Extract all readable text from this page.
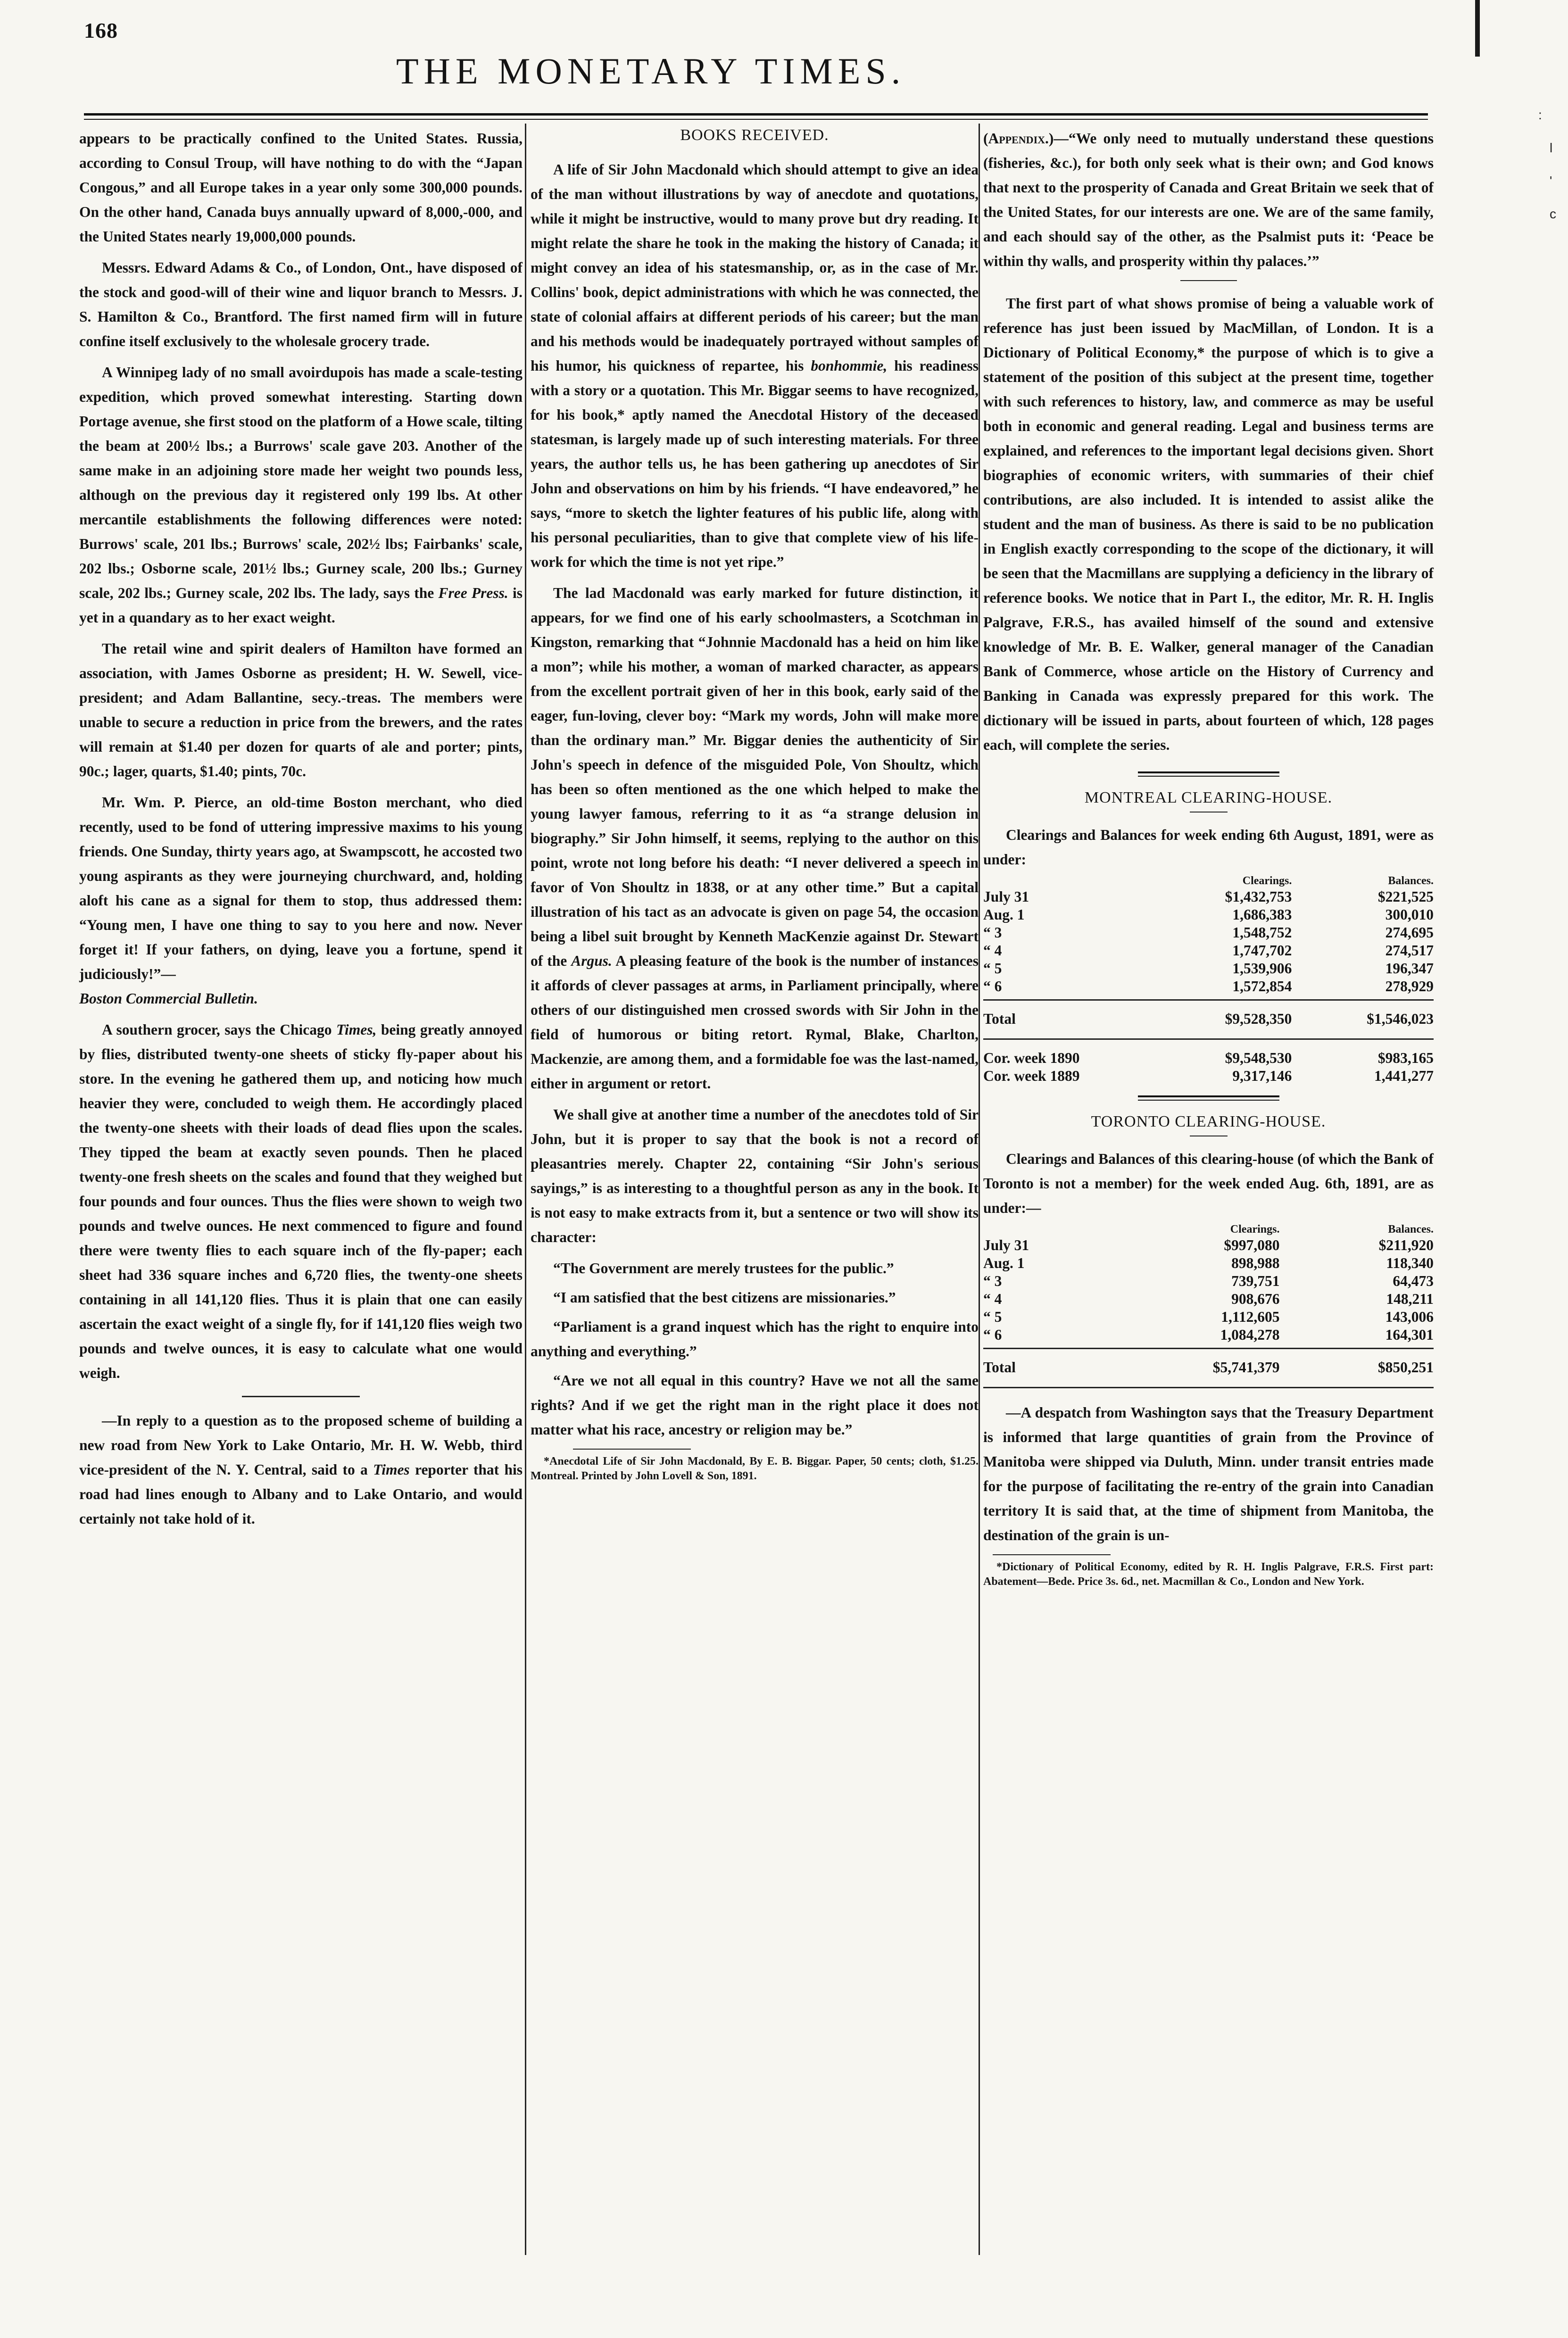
168
THE MONETARY TIMES.
:
l
'
c

appears to be practically confined to the United States. Russia, according to Consul Troup, will have nothing to do with the “Japan Congous,” and all Europe takes in a year only some 300,000 pounds. On the other hand, Canada buys annually upward of 8,000,-000, and the United States nearly 19,000,000 pounds.

Messrs. Edward Adams & Co., of London, Ont., have disposed of the stock and good-will of their wine and liquor branch to Messrs. J. S. Hamilton & Co., Brantford. The first named firm will in future confine itself exclusively to the wholesale grocery trade.

A Winnipeg lady of no small avoirdupois has made a scale-testing expedition, which proved somewhat interesting. Starting down Portage avenue, she first stood on the platform of a Howe scale, tilting the beam at 200½ lbs.; a Burrows' scale gave 203. Another of the same make in an adjoining store made her weight two pounds less, although on the previous day it registered only 199 lbs. At other mercantile establishments the following differences were noted: Burrows' scale, 201 lbs.; Burrows' scale, 202½ lbs; Fairbanks' scale, 202 lbs.; Osborne scale, 201½ lbs.; Gurney scale, 200 lbs.; Gurney scale, 202 lbs.; Gurney scale, 202 lbs. The lady, says the Free Press. is yet in a quandary as to her exact weight.

The retail wine and spirit dealers of Hamilton have formed an association, with James Osborne as president; H. W. Sewell, vice-president; and Adam Ballantine, secy.-treas. The members were unable to secure a reduction in price from the brewers, and the rates will remain at $1.40 per dozen for quarts of ale and porter; pints, 90c.; lager, quarts, $1.40; pints, 70c.

Mr. Wm. P. Pierce, an old-time Boston merchant, who died recently, used to be fond of uttering impressive maxims to his young friends. One Sunday, thirty years ago, at Swampscott, he accosted two young aspirants as they were journeying churchward, and, holding aloft his cane as a signal for them to stop, thus addressed them: “Young men, I have one thing to say to you here and now. Never forget it! If your fathers, on dying, leave you a fortune, spend it judiciously!”—
Boston Commercial Bulletin.

A southern grocer, says the Chicago Times, being greatly annoyed by flies, distributed twenty-one sheets of sticky fly-paper about his store. In the evening he gathered them up, and noticing how much heavier they were, concluded to weigh them. He accordingly placed the twenty-one sheets with their loads of dead flies upon the scales. They tipped the beam at exactly seven pounds. Then he placed twenty-one fresh sheets on the scales and found that they weighed but four pounds and four ounces. Thus the flies were shown to weigh two pounds and twelve ounces. He next commenced to figure and found there were twenty flies to each square inch of the fly-paper; each sheet had 336 square inches and 6,720 flies, the twenty-one sheets containing in all 141,120 flies. Thus it is plain that one can easily ascertain the exact weight of a single fly, for if 141,120 flies weigh two pounds and twelve ounces, it is easy to calculate what one would weigh.

—In reply to a question as to the proposed scheme of building a new road from New York to Lake Ontario, Mr. H. W. Webb, third vice-president of the N. Y. Central, said to a Times reporter that his road had lines enough to Albany and to Lake Ontario, and would certainly not take hold of it.

BOOKS RECEIVED.

A life of Sir John Macdonald which should attempt to give an idea of the man without illustrations by way of anecdote and quotations, while it might be instructive, would to many prove but dry reading. It might relate the share he took in the making the history of Canada; it might convey an idea of his statesmanship, or, as in the case of Mr. Collins' book, depict administrations with which he was connected, the state of colonial affairs at different periods of his career; but the man and his methods would be inadequately portrayed without samples of his humor, his quickness of repartee, his bonhommie, his readiness with a story or a quotation. This Mr. Biggar seems to have recognized, for his book,* aptly named the Anecdotal History of the deceased statesman, is largely made up of such interesting materials. For three years, the author tells us, he has been gathering up anecdotes of Sir John and observations on him by his friends. “I have endeavored,” he says, “more to sketch the lighter features of his public life, along with his personal peculiarities, than to give that complete view of his life-work for which the time is not yet ripe.”

The lad Macdonald was early marked for future distinction, it appears, for we find one of his early schoolmasters, a Scotchman in Kingston, remarking that “Johnnie Macdonald has a heid on him like a mon”; while his mother, a woman of marked character, as appears from the excellent portrait given of her in this book, early said of the eager, fun-loving, clever boy: “Mark my words, John will make more than the ordinary man.” Mr. Biggar denies the authenticity of Sir John's speech in defence of the misguided Pole, Von Shoultz, which has been so often mentioned as the one which helped to make the young lawyer famous, referring to it as “a strange delusion in biography.” Sir John himself, it seems, replying to the author on this point, wrote not long before his death: “I never delivered a speech in favor of Von Shoultz in 1838, or at any other time.” But a capital illustration of his tact as an advocate is given on page 54, the occasion being a libel suit brought by Kenneth MacKenzie against Dr. Stewart of the Argus. A pleasing feature of the book is the number of instances it affords of clever passages at arms, in Parliament principally, where others of our distinguished men crossed swords with Sir John in the field of humorous or biting retort. Rymal, Blake, Charlton, Mackenzie, are among them, and a formidable foe was the last-named, either in argument or retort.

We shall give at another time a number of the anecdotes told of Sir John, but it is proper to say that the book is not a record of pleasantries merely. Chapter 22, containing “Sir John's serious sayings,” is as interesting to a thoughtful person as any in the book. It is not easy to make extracts from it, but a sentence or two will show its character:

“The Government are merely trustees for the public.”

“I am satisfied that the best citizens are missionaries.”

“Parliament is a grand inquest which has the right to enquire into anything and everything.”

“Are we not all equal in this country? Have we not all the same rights? And if we get the right man in the right place it does not matter what his race, ancestry or religion may be.”

*Anecdotal Life of Sir John Macdonald, By E. B. Biggar. Paper, 50 cents; cloth, $1.25. Montreal. Printed by John Lovell & Son, 1891.

(Appendix.)—“We only need to mutually understand these questions (fisheries, &c.), for both only seek what is their own; and God knows that next to the prosperity of Canada and Great Britain we seek that of the United States, for our interests are one. We are of the same family, and each should say of the other, as the Psalmist puts it: ‘Peace be within thy walls, and prosperity within thy palaces.’”

The first part of what shows promise of being a valuable work of reference has just been issued by MacMillan, of London. It is a Dictionary of Political Economy,* the purpose of which is to give a statement of the position of this subject at the present time, together with such references to history, law, and commerce as may be useful both in economic and general reading. Legal and business terms are explained, and references to the important legal decisions given. Short biographies of economic writers, with summaries of their chief contributions, are also included. It is intended to assist alike the student and the man of business. As there is said to be no publication in English exactly corresponding to the scope of the dictionary, it will be seen that the Macmillans are supplying a deficiency in the library of reference books. We notice that in Part I., the editor, Mr. R. H. Inglis Palgrave, F.R.S., has availed himself of the sound and extensive knowledge of Mr. B. E. Walker, general manager of the Canadian Bank of Commerce, whose article on the History of Currency and Banking in Canada was expressly prepared for this work. The dictionary will be issued in parts, about fourteen of which, 128 pages each, will complete the series.

MONTREAL CLEARING-HOUSE.

Clearings and Balances for week ending 6th August, 1891, were as under:

	Clearings.	Balances.
July 31	$1,432,753	$221,525
Aug. 1	1,686,383	300,010
“ 3	1,548,752	274,695
“ 4	1,747,702	274,517
“ 5	1,539,906	196,347
“ 6	1,572,854	278,929
Total	$9,528,350	$1,546,023
Cor. week 1890	$9,548,530	$983,165
Cor. week 1889	9,317,146	1,441,277
TORONTO CLEARING-HOUSE.

Clearings and Balances of this clearing-house (of which the Bank of Toronto is not a member) for the week ended Aug. 6th, 1891, are as under:—

	Clearings.	Balances.
July 31	$997,080	$211,920
Aug. 1	898,988	118,340
“ 3	739,751	64,473
“ 4	908,676	148,211
“ 5	1,112,605	143,006
“ 6	1,084,278	164,301
Total	$5,741,379	$850,251

—A despatch from Washington says that the Treasury Department is informed that large quantities of grain from the Province of Manitoba were shipped via Duluth, Minn. under transit entries made for the purpose of facilitating the re-entry of the grain into Canadian territory It is said that, at the time of shipment from Manitoba, the destination of the grain is un-

*Dictionary of Political Economy, edited by R. H. Inglis Palgrave, F.R.S. First part: Abatement—Bede. Price 3s. 6d., net. Macmillan & Co., London and New York.
